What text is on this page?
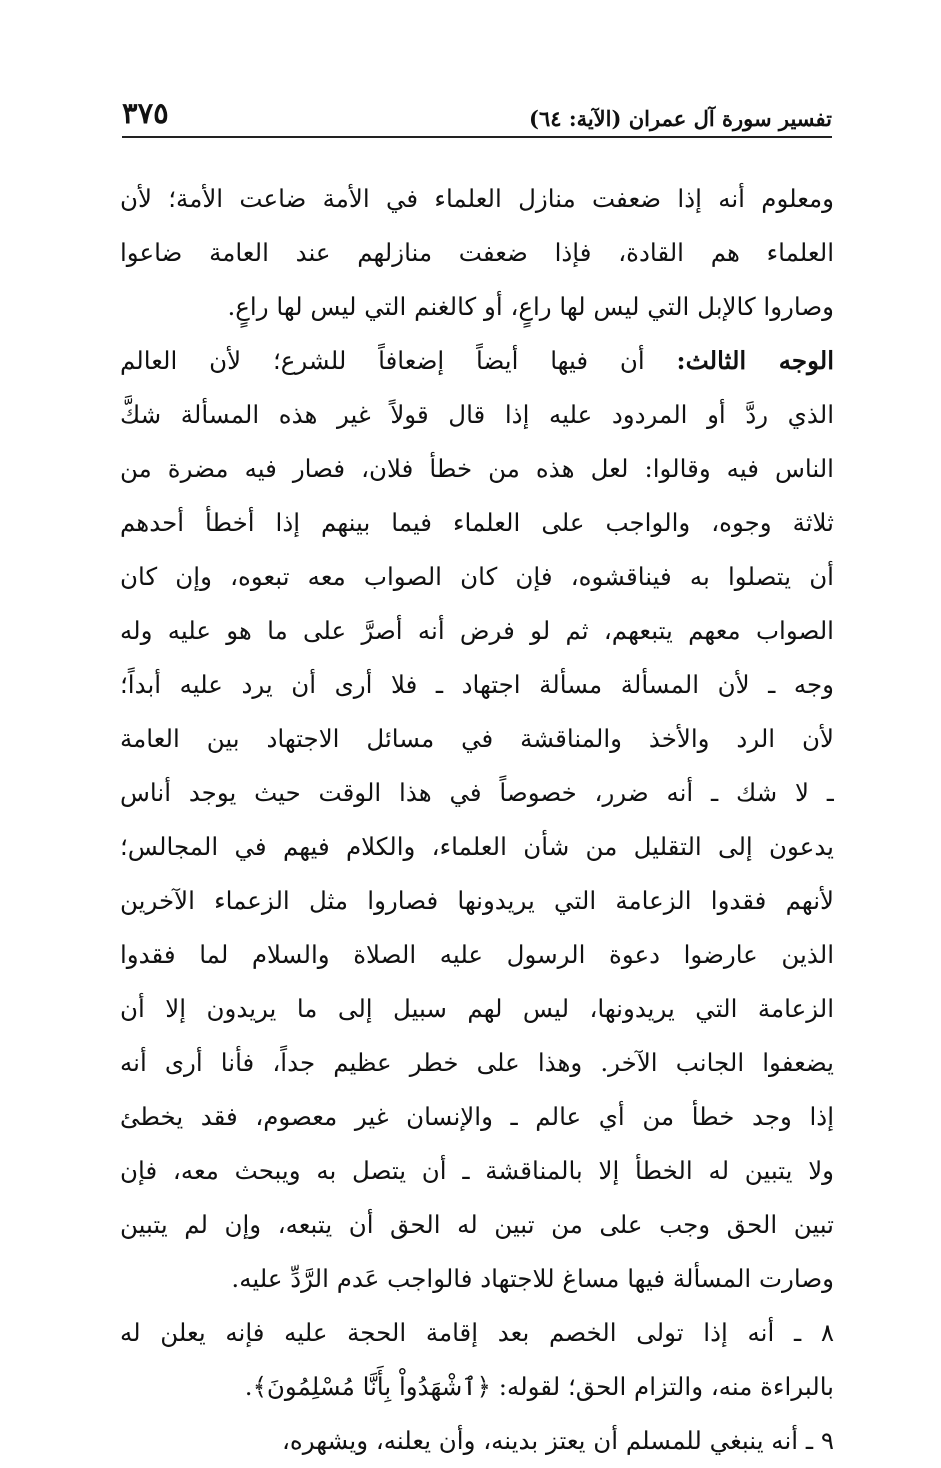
تفسير سورة آل عمران (الآية: ٦٤)
٣٧٥
ومعلوم أنه إذا ضعفت منازل العلماء في الأمة ضاعت الأمة؛ لأن
العلماء هم القادة، فإذا ضعفت منازلهم عند العامة ضاعوا
وصاروا كالإبل التي ليس لها راعٍ، أو كالغنم التي ليس لها راعٍ.
الوجه الثالث: أن فيها أيضاً إضعافاً للشرع؛ لأن العالم
الذي ردَّ أو المردود عليه إذا قال قولاً غير هذه المسألة شكَّ
الناس فيه وقالوا: لعل هذه من خطأ فلان، فصار فيه مضرة من
ثلاثة وجوه، والواجب على العلماء فيما بينهم إذا أخطأ أحدهم
أن يتصلوا به فيناقشوه، فإن كان الصواب معه تبعوه، وإن كان
الصواب معهم يتبعهم، ثم لو فرض أنه أصرَّ على ما هو عليه وله
وجه ـ لأن المسألة مسألة اجتهاد ـ فلا أرى أن يرد عليه أبداً؛
لأن الرد والأخذ والمناقشة في مسائل الاجتهاد بين العامة
ـ لا شك ـ أنه ضرر، خصوصاً في هذا الوقت حيث يوجد أناس
يدعون إلى التقليل من شأن العلماء، والكلام فيهم في المجالس؛
لأنهم فقدوا الزعامة التي يريدونها فصاروا مثل الزعماء الآخرين
الذين عارضوا دعوة الرسول عليه الصلاة والسلام لما فقدوا
الزعامة التي يريدونها، ليس لهم سبيل إلى ما يريدون إلا أن
يضعفوا الجانب الآخر. وهذا على خطر عظيم جداً، فأنا أرى أنه
إذا وجد خطأ من أي عالم ـ والإنسان غير معصوم، فقد يخطئ
ولا يتبين له الخطأ إلا بالمناقشة ـ أن يتصل به ويبحث معه، فإن
تبين الحق وجب على من تبين له الحق أن يتبعه، وإن لم يتبين
وصارت المسألة فيها مساغ للاجتهاد فالواجب عَدم الرَّدِّ عليه.
٨ ـ أنه إذا تولى الخصم بعد إقامة الحجة عليه فإنه يعلن له
بالبراءة منه، والتزام الحق؛ لقوله: ﴿ٱشْهَدُواْ بِأَنَّا مُسْلِمُونَ﴾.
٩ ـ أنه ينبغي للمسلم أن يعتز بدينه، وأن يعلنه، ويشهره،
